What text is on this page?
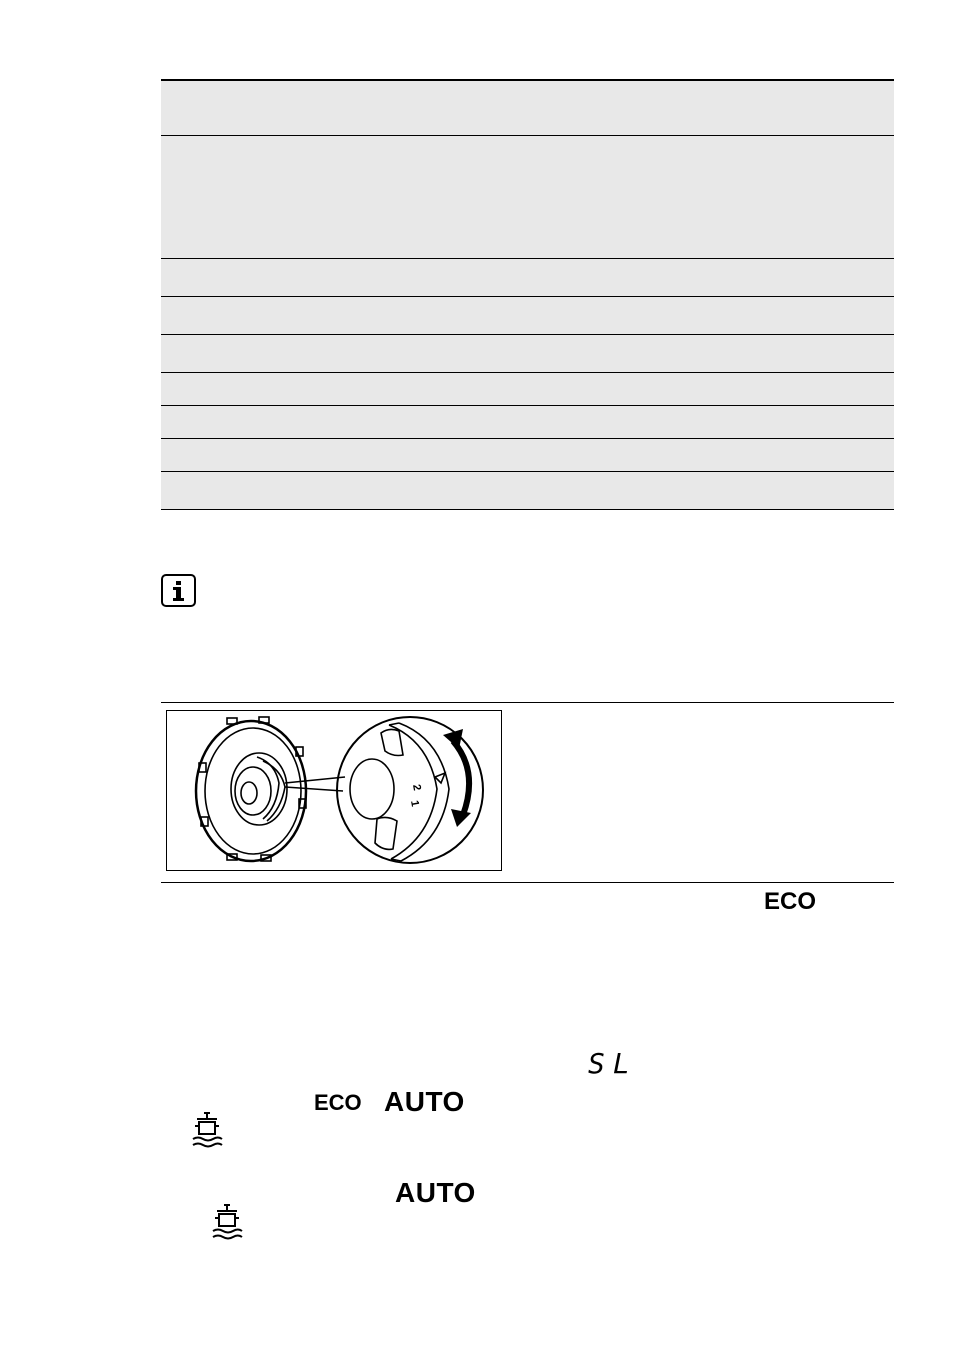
2
1
ECO
SL
ECO AUTO
AUTO
